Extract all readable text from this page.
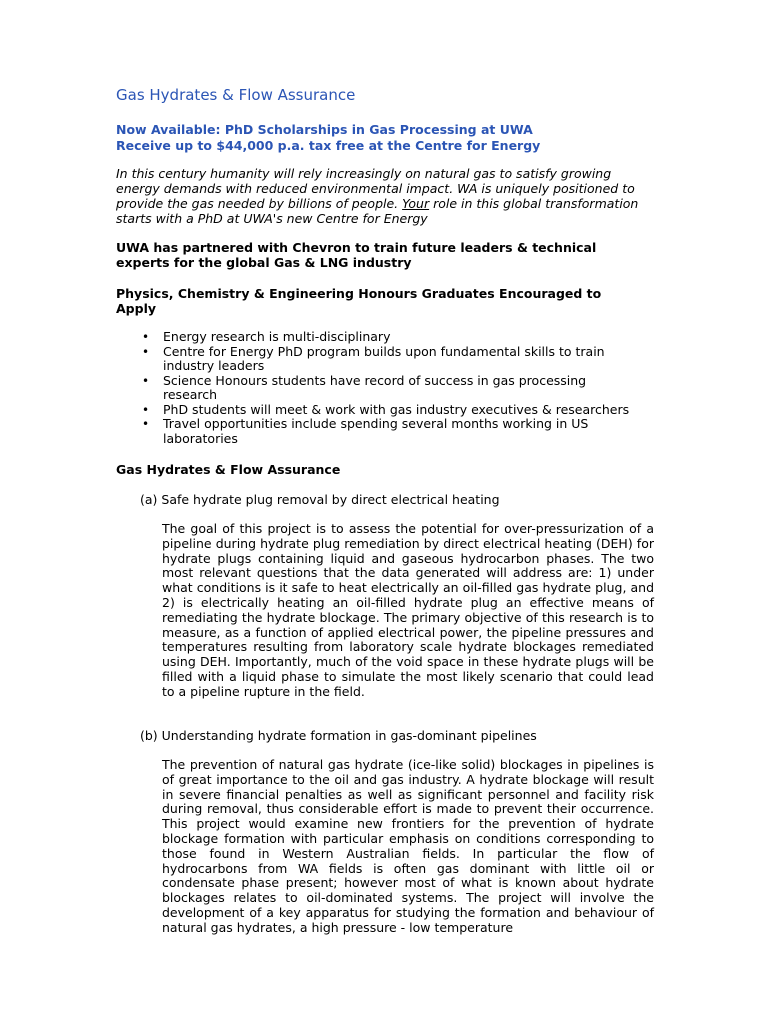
Gas Hydrates & Flow Assurance
Now Available: PhD Scholarships in Gas Processing at UWA
Receive up to $44,000 p.a. tax free at the Centre for Energy

In this century humanity will rely increasingly on natural gas to satisfy growing energy demands with reduced environmental impact. WA is uniquely positioned to provide the gas needed by billions of people. Your role in this global transformation starts with a PhD at UWA's new Centre for Energy

UWA has partnered with Chevron to train future leaders & technical experts for the global Gas & LNG industry

Physics, Chemistry & Engineering Honours Graduates Encouraged to Apply

• Energy research is multi-disciplinary
• Centre for Energy PhD program builds upon fundamental skills to train industry leaders
• Science Honours students have record of success in gas processing research
• PhD students will meet & work with gas industry executives & researchers
• Travel opportunities include spending several months working in US laboratories

Gas Hydrates & Flow Assurance

(a) Safe hydrate plug removal by direct electrical heating

The goal of this project is to assess the potential for over-pressurization of a pipeline during hydrate plug remediation by direct electrical heating (DEH) for hydrate plugs containing liquid and gaseous hydrocarbon phases. The two most relevant questions that the data generated will address are: 1) under what conditions is it safe to heat electrically an oil-filled gas hydrate plug, and 2) is electrically heating an oil-filled hydrate plug an effective means of remediating the hydrate blockage. The primary objective of this research is to measure, as a function of applied electrical power, the pipeline pressures and temperatures resulting from laboratory scale hydrate blockages remediated using DEH. Importantly, much of the void space in these hydrate plugs will be filled with a liquid phase to simulate the most likely scenario that could lead to a pipeline rupture in the field.

(b) Understanding hydrate formation in gas-dominant pipelines

The prevention of natural gas hydrate (ice-like solid) blockages in pipelines is of great importance to the oil and gas industry. A hydrate blockage will result in severe financial penalties as well as significant personnel and facility risk during removal, thus considerable effort is made to prevent their occurrence. This project would examine new frontiers for the prevention of hydrate blockage formation with particular emphasis on conditions corresponding to those found in Western Australian fields. In particular the flow of hydrocarbons from WA fields is often gas dominant with little oil or condensate phase present; however most of what is known about hydrate blockages relates to oil-dominated systems. The project will involve the development of a key apparatus for studying the formation and behaviour of natural gas hydrates, a high pressure - low temperature
